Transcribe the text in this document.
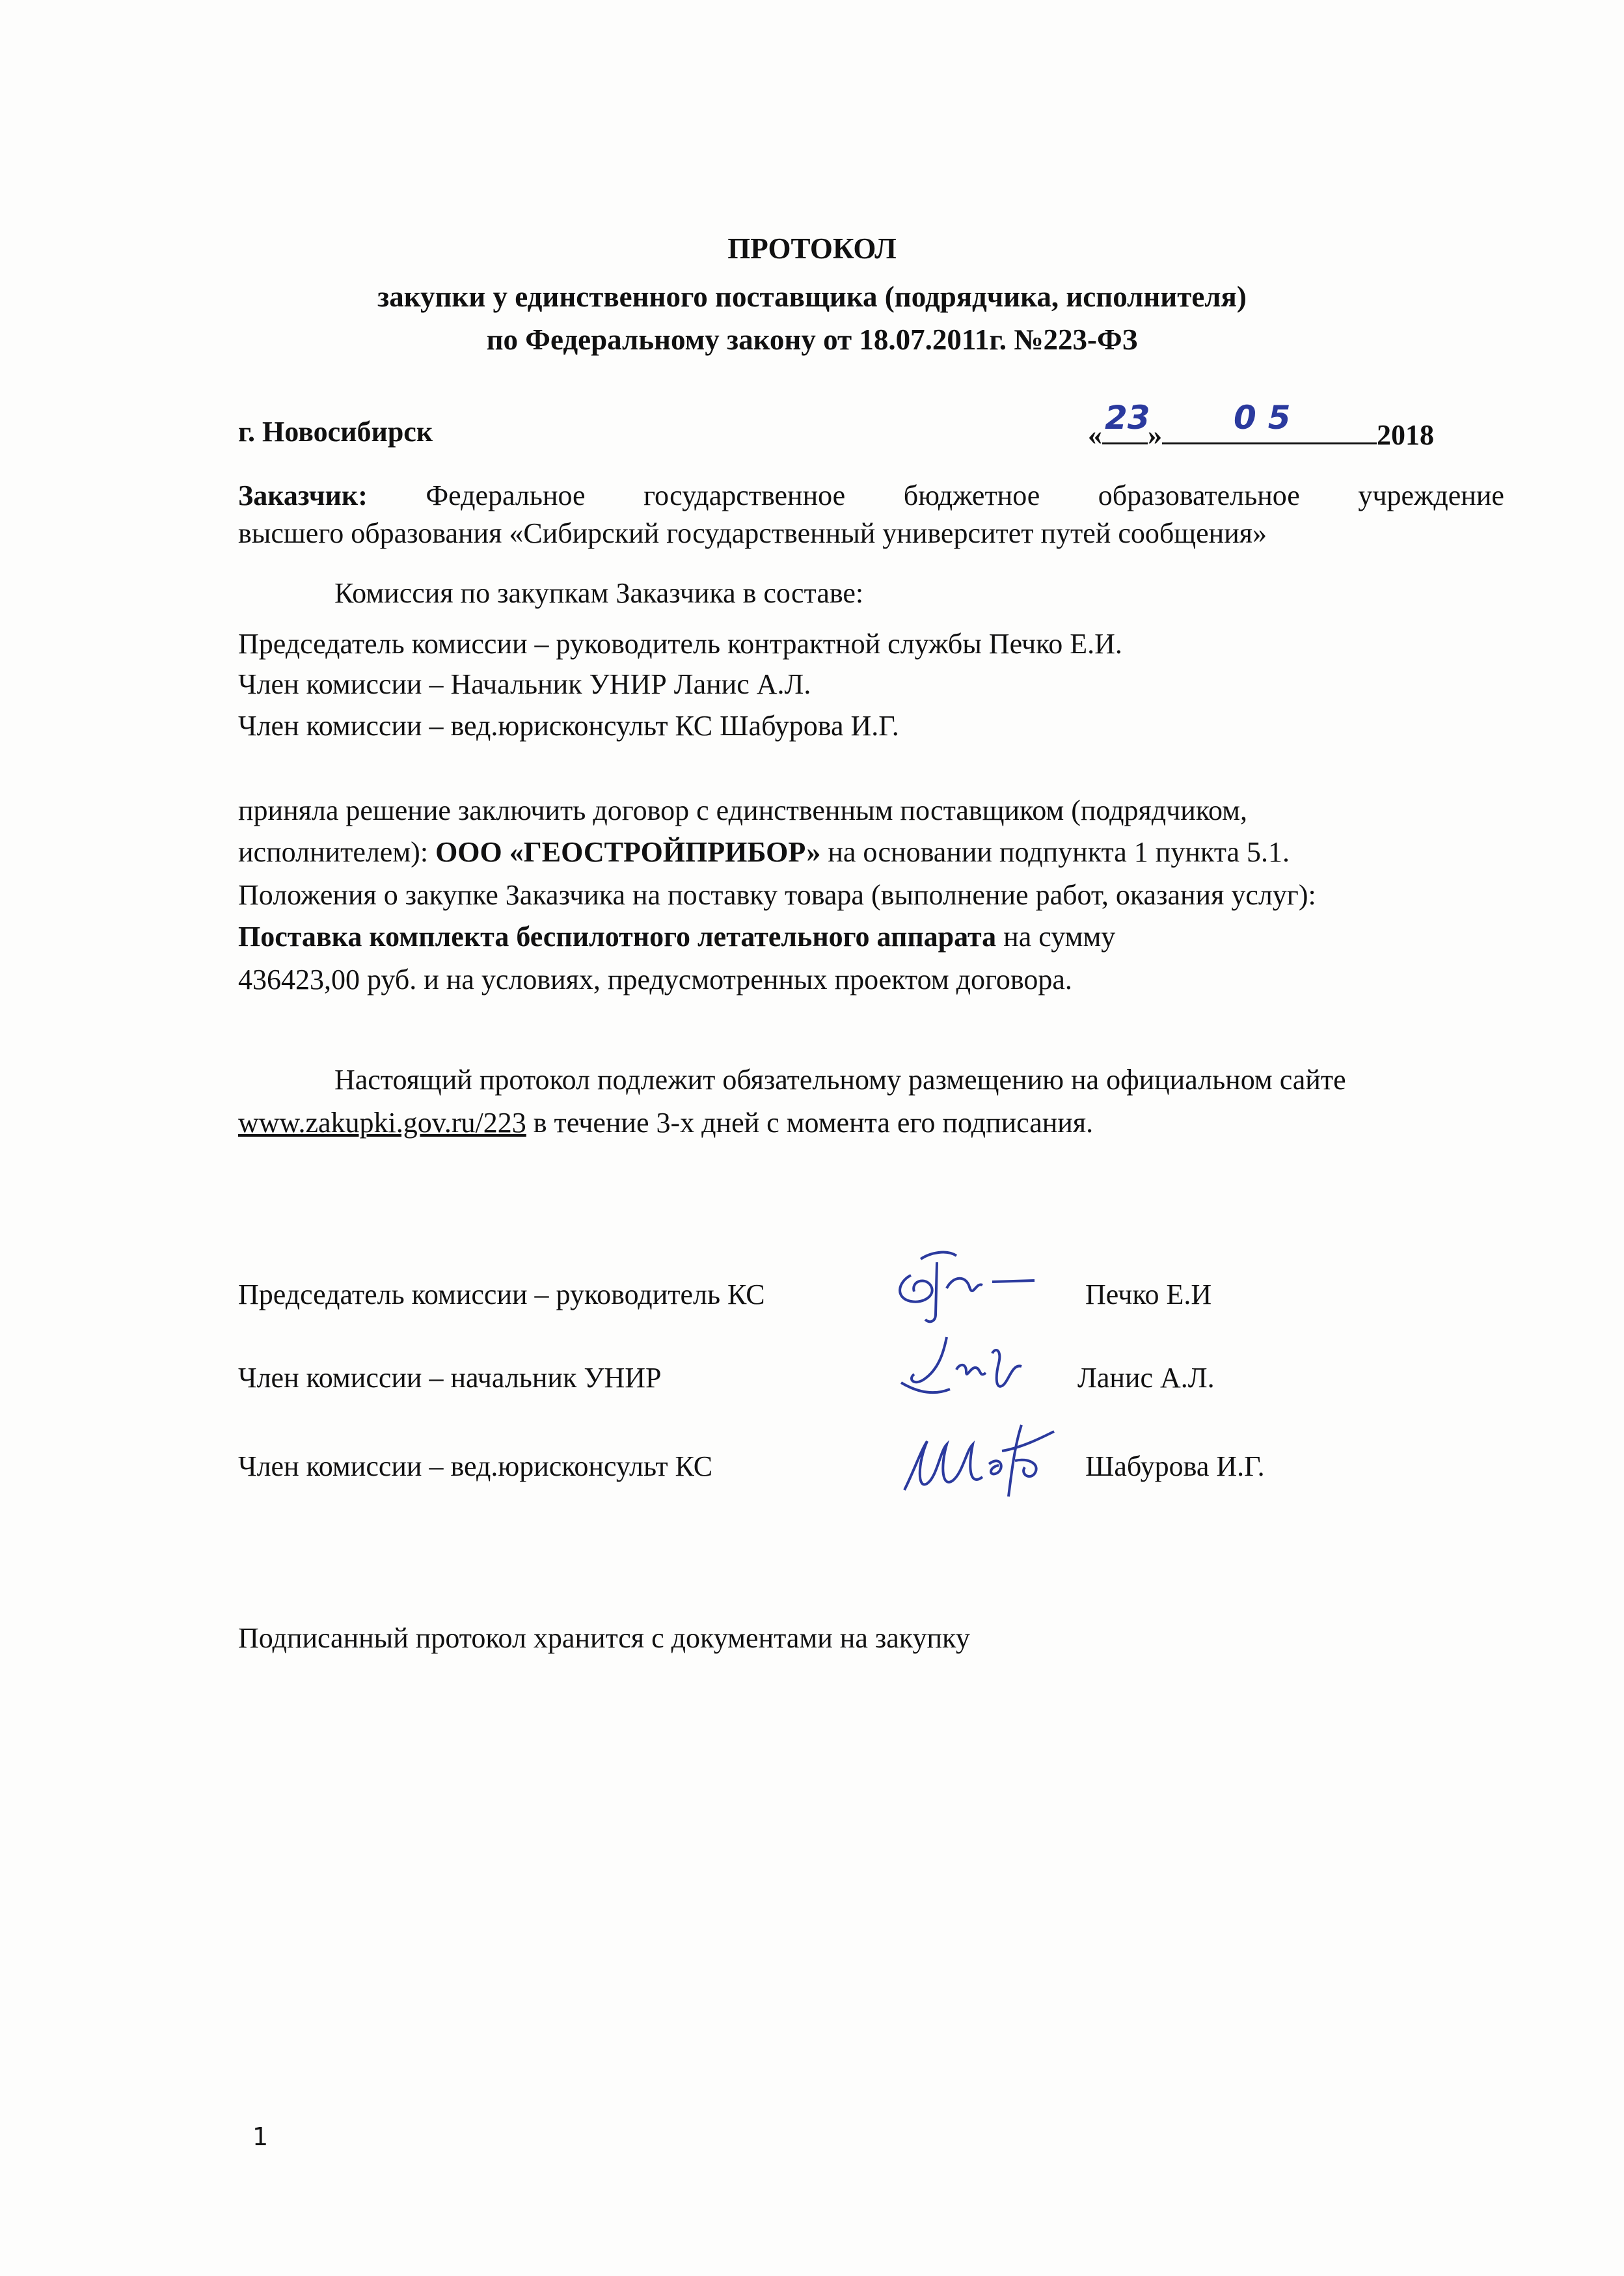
ПРОТОКОЛ
закупки у единственного поставщика (подрядчика, исполнителя)
по Федеральному закону от 18.07.2011г. №223-ФЗ
г. Новосибирск	« 23
» 05	2018
Заказчик: Федеральное государственное бюджетное образовательное учреждение
высшего образования «Сибирский государственный университет путей сообщения»
Комиссия по закупкам Заказчика в составе:
Председатель комиссии – руководитель контрактной службы Печко Е.И.
Член комиссии – Начальник УНИР Ланис А.Л.
Член комиссии – вед.юрисконсульт КС Шабурова И.Г.
приняла решение заключить договор с единственным поставщиком (подрядчиком,
исполнителем): ООО «ГЕОСТРОЙПРИБОР» на основании подпункта 1 пункта 5.1.
Положения о закупке Заказчика на поставку товара (выполнение работ, оказания услуг):
Поставка комплекта беспилотного летательного аппарата на сумму
436423,00 руб. и на условиях, предусмотренных проектом договора.
Настоящий протокол подлежит обязательному размещению на официальном сайте
www.zakupki.gov.ru/223 в течение 3-х дней с момента его подписания.
Председатель комиссии – руководитель КС	Печко Е.И
Член комиссии – начальник УНИР	Ланис А.Л.
Член комиссии – вед.юрисконсульт КС	Шабурова И.Г.
Подписанный протокол хранится с документами на закупку
1
